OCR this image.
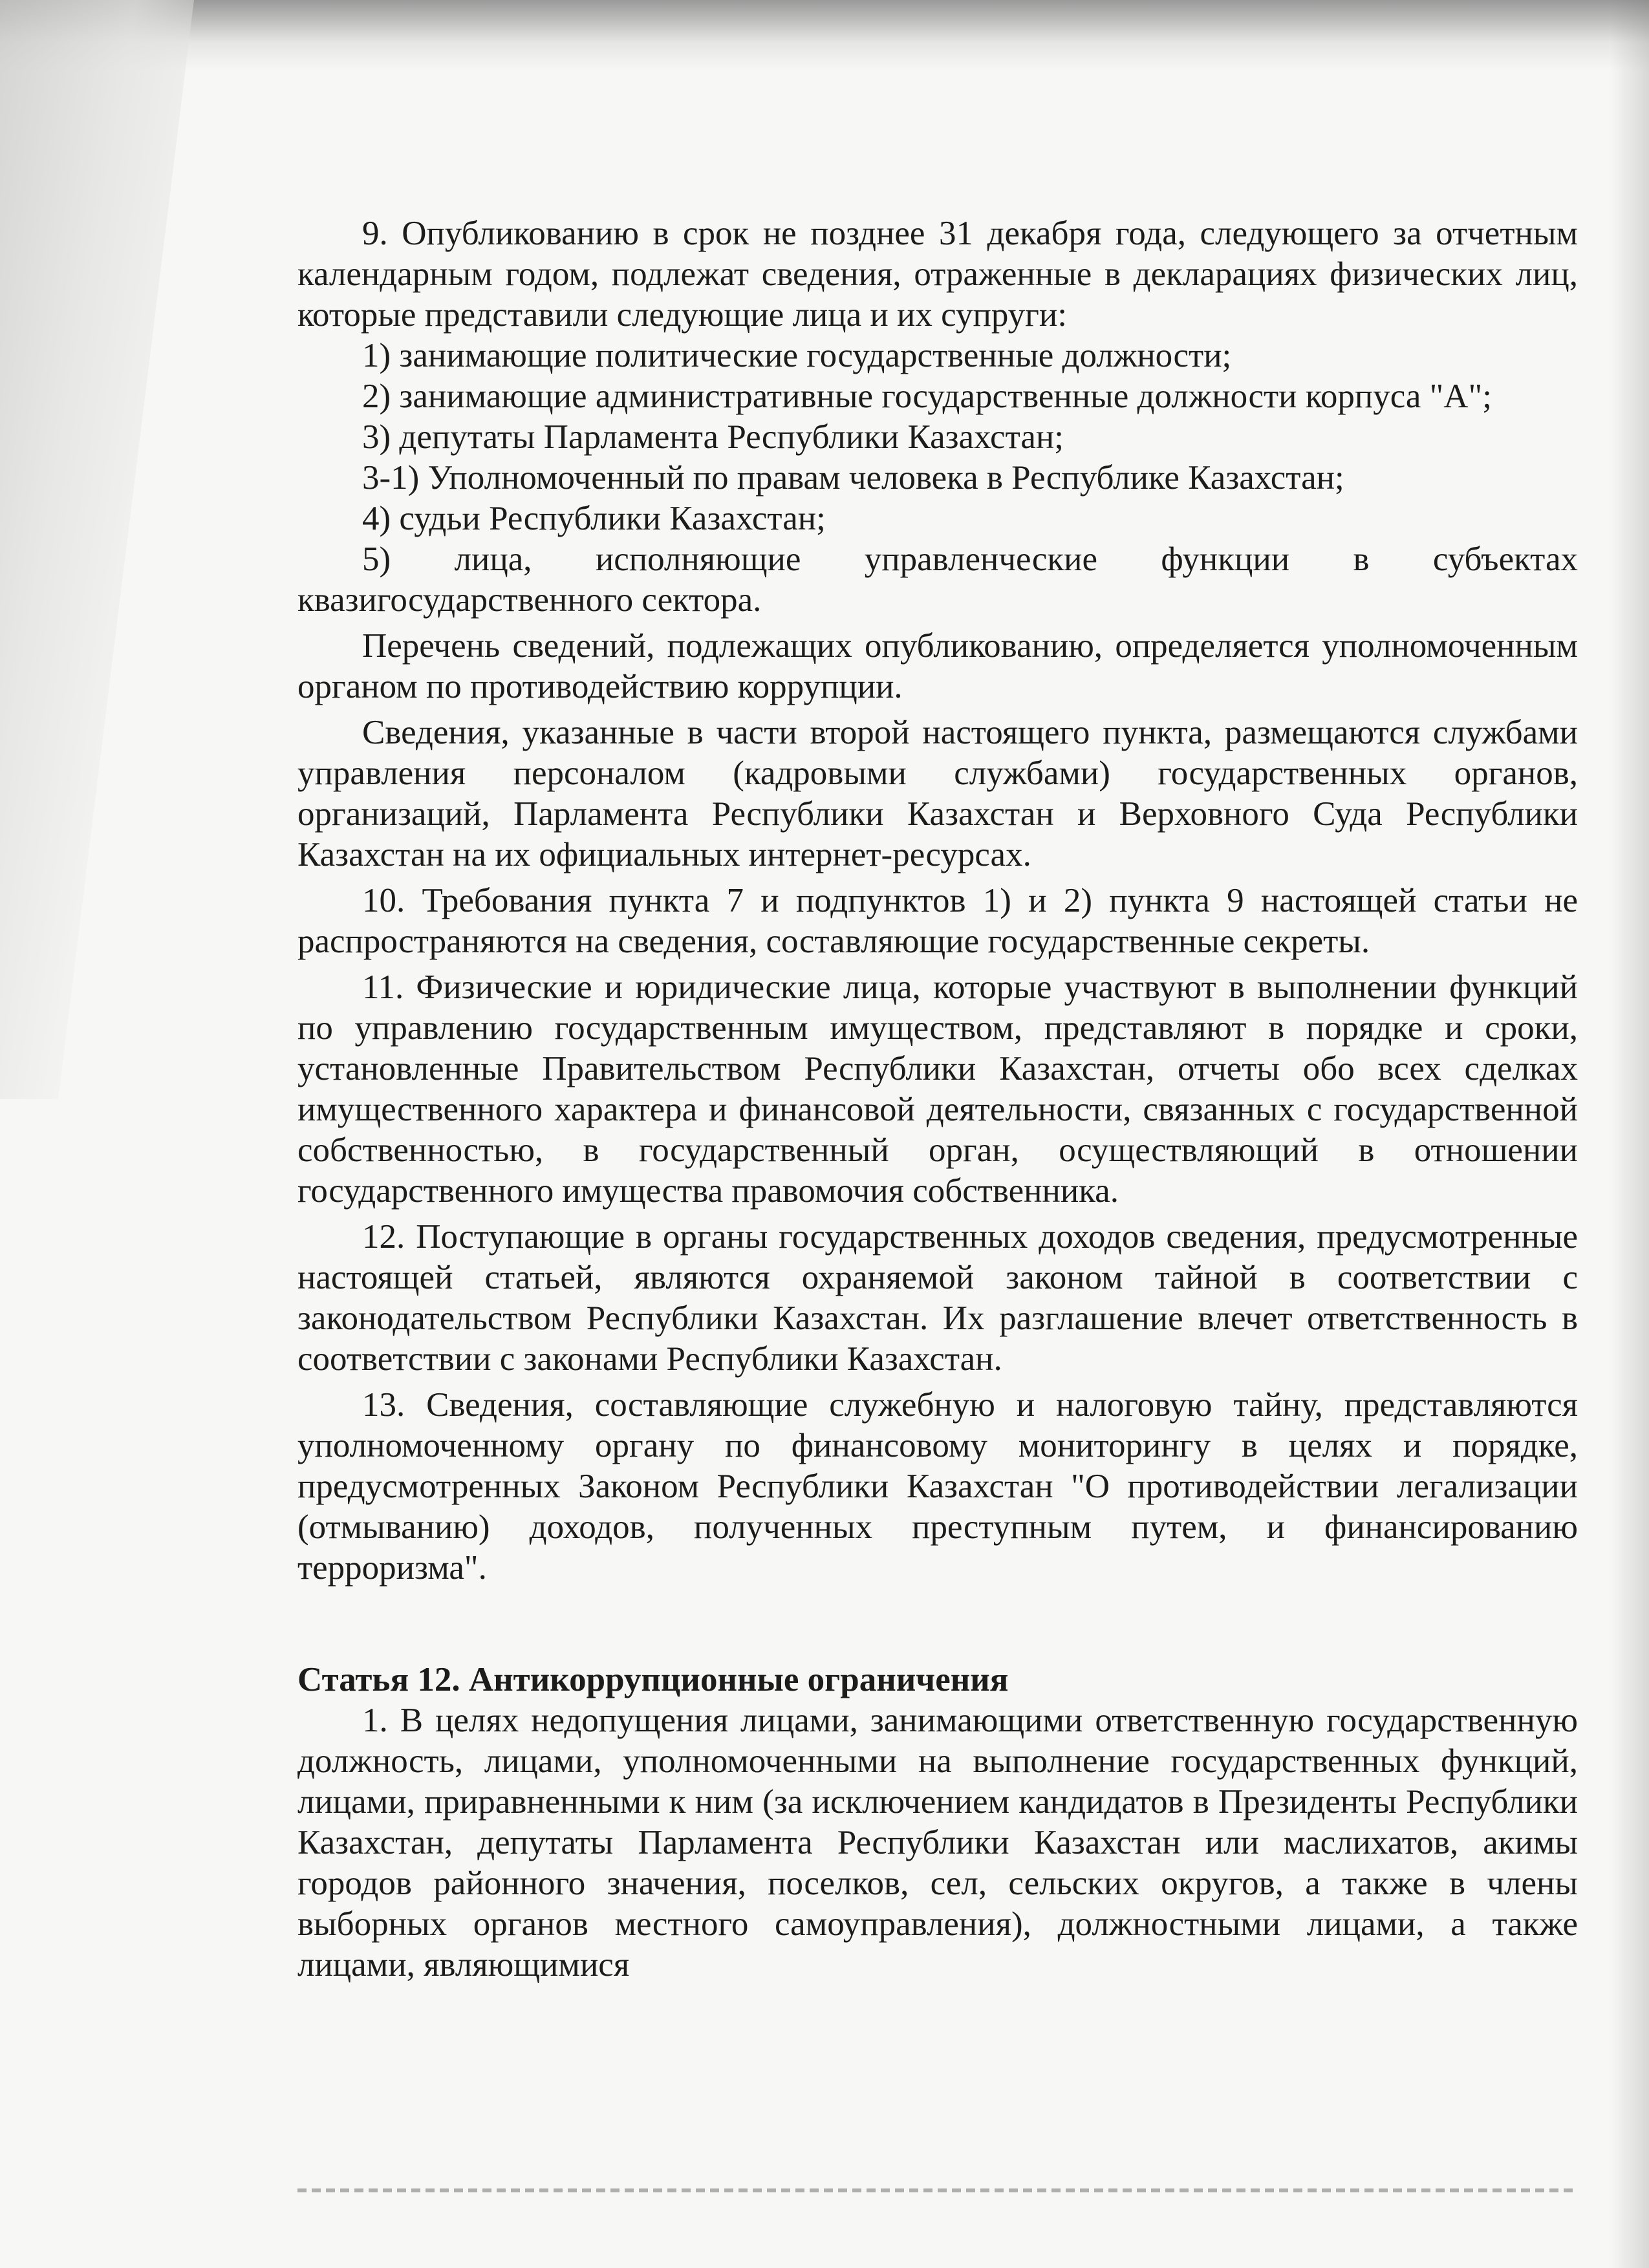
9. Опубликованию в срок не позднее 31 декабря года, следующего за отчетным календарным годом, подлежат сведения, отраженные в декларациях физических лиц, которые представили следующие лица и их супруги:

1) занимающие политические государственные должности;

2) занимающие административные государственные должности корпуса "А";

3) депутаты Парламента Республики Казахстан;

3-1) Уполномоченный по правам человека в Республике Казахстан;

4) судьи Республики Казахстан;

5) лица, исполняющие управленческие функции в субъектах квазигосударственного сектора.

Перечень сведений, подлежащих опубликованию, определяется уполномоченным органом по противодействию коррупции.

Сведения, указанные в части второй настоящего пункта, размещаются службами управления персоналом (кадровыми службами) государственных органов, организаций, Парламента Республики Казахстан и Верховного Суда Республики Казахстан на их официальных интернет-ресурсах.

10. Требования пункта 7 и подпунктов 1) и 2) пункта 9 настоящей статьи не распространяются на сведения, составляющие государственные секреты.

11. Физические и юридические лица, которые участвуют в выполнении функций по управлению государственным имуществом, представляют в порядке и сроки, установленные Правительством Республики Казахстан, отчеты обо всех сделках имущественного характера и финансовой деятельности, связанных с государственной собственностью, в государственный орган, осуществляющий в отношении государственного имущества правомочия собственника.

12. Поступающие в органы государственных доходов сведения, предусмотренные настоящей статьей, являются охраняемой законом тайной в соответствии с законодательством Республики Казахстан. Их разглашение влечет ответственность в соответствии с законами Республики Казахстан.

13. Сведения, составляющие служебную и налоговую тайну, представляются уполномоченному органу по финансовому мониторингу в целях и порядке, предусмотренных Законом Республики Казахстан "О противодействии легализации (отмыванию) доходов, полученных преступным путем, и финансированию терроризма".

Статья 12. Антикоррупционные ограничения

1. В целях недопущения лицами, занимающими ответственную государственную должность, лицами, уполномоченными на выполнение государственных функций, лицами, приравненными к ним (за исключением кандидатов в Президенты Республики Казахстан, депутаты Парламента Республики Казахстан или маслихатов, акимы городов районного значения, поселков, сел, сельских округов, а также в члены выборных органов местного самоуправления), должностными лицами, а также лицами, являющимися
